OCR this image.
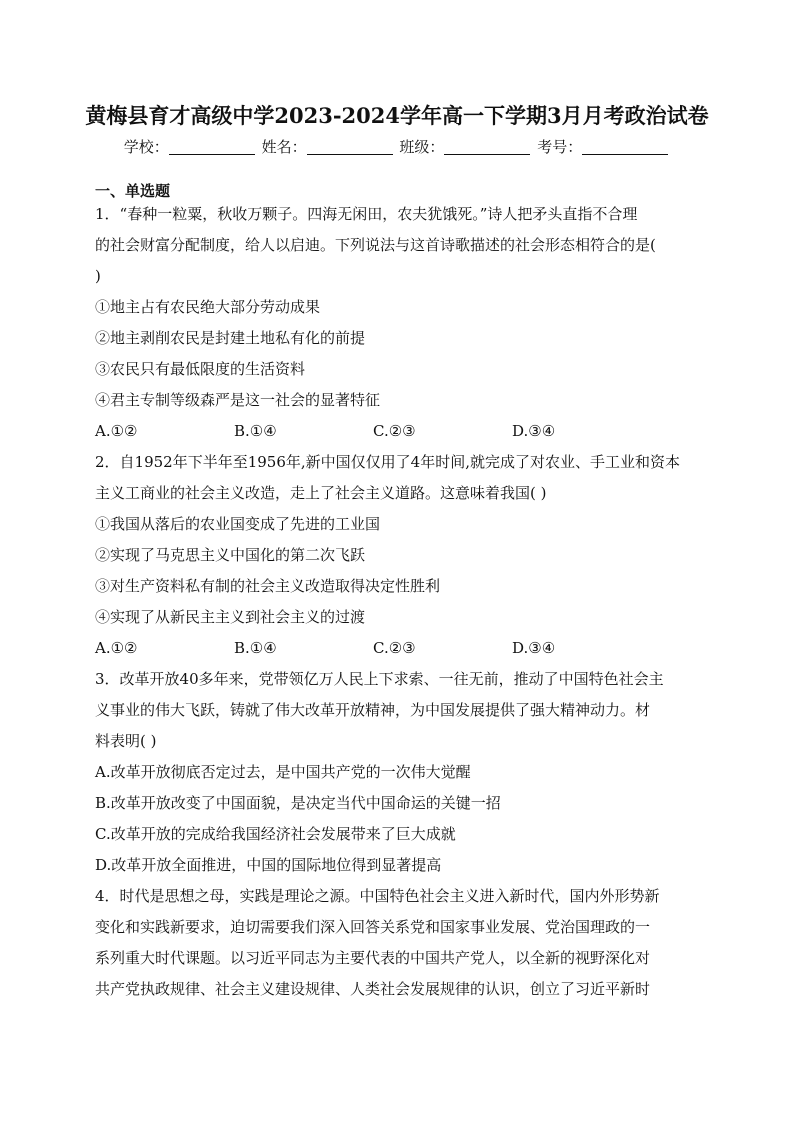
黄梅县育才高级中学2023-2024学年高一下学期3月月考政治试卷
学校：	姓名：	班级：	考号：
一、单选题
1．“春种一粒粟，秋收万颗子。四海无闲田，农夫犹饿死。”诗人把矛头直指不合理
的社会财富分配制度，给人以启迪。下列说法与这首诗歌描述的社会形态相符合的是(
)
①地主占有农民绝大部分劳动成果
②地主剥削农民是封建土地私有化的前提
③农民只有最低限度的生活资料
④君主专制等级森严是这一社会的显著特征
A.①②	B.①④	C.②③	D.③④
2．自1952年下半年至1956年,新中国仅仅用了4年时间,就完成了对农业、手工业和资本
主义工商业的社会主义改造，走上了社会主义道路。这意味着我国( )
①我国从落后的农业国变成了先进的工业国
②实现了马克思主义中国化的第二次飞跃
③对生产资料私有制的社会主义改造取得决定性胜利
④实现了从新民主主义到社会主义的过渡
A.①②	B.①④	C.②③	D.③④
3．改革开放40多年来，党带领亿万人民上下求索、一往无前，推动了中国特色社会主
义事业的伟大飞跃，铸就了伟大改革开放精神，为中国发展提供了强大精神动力。材
料表明( )
A.改革开放彻底否定过去，是中国共产党的一次伟大觉醒
B.改革开放改变了中国面貌，是决定当代中国命运的关键一招
C.改革开放的完成给我国经济社会发展带来了巨大成就
D.改革开放全面推进，中国的国际地位得到显著提高
4．时代是思想之母，实践是理论之源。中国特色社会主义进入新时代，国内外形势新
变化和实践新要求，迫切需要我们深入回答关系党和国家事业发展、党治国理政的一
系列重大时代课题。以习近平同志为主要代表的中国共产党人，以全新的视野深化对
共产党执政规律、社会主义建设规律、人类社会发展规律的认识，创立了习近平新时
